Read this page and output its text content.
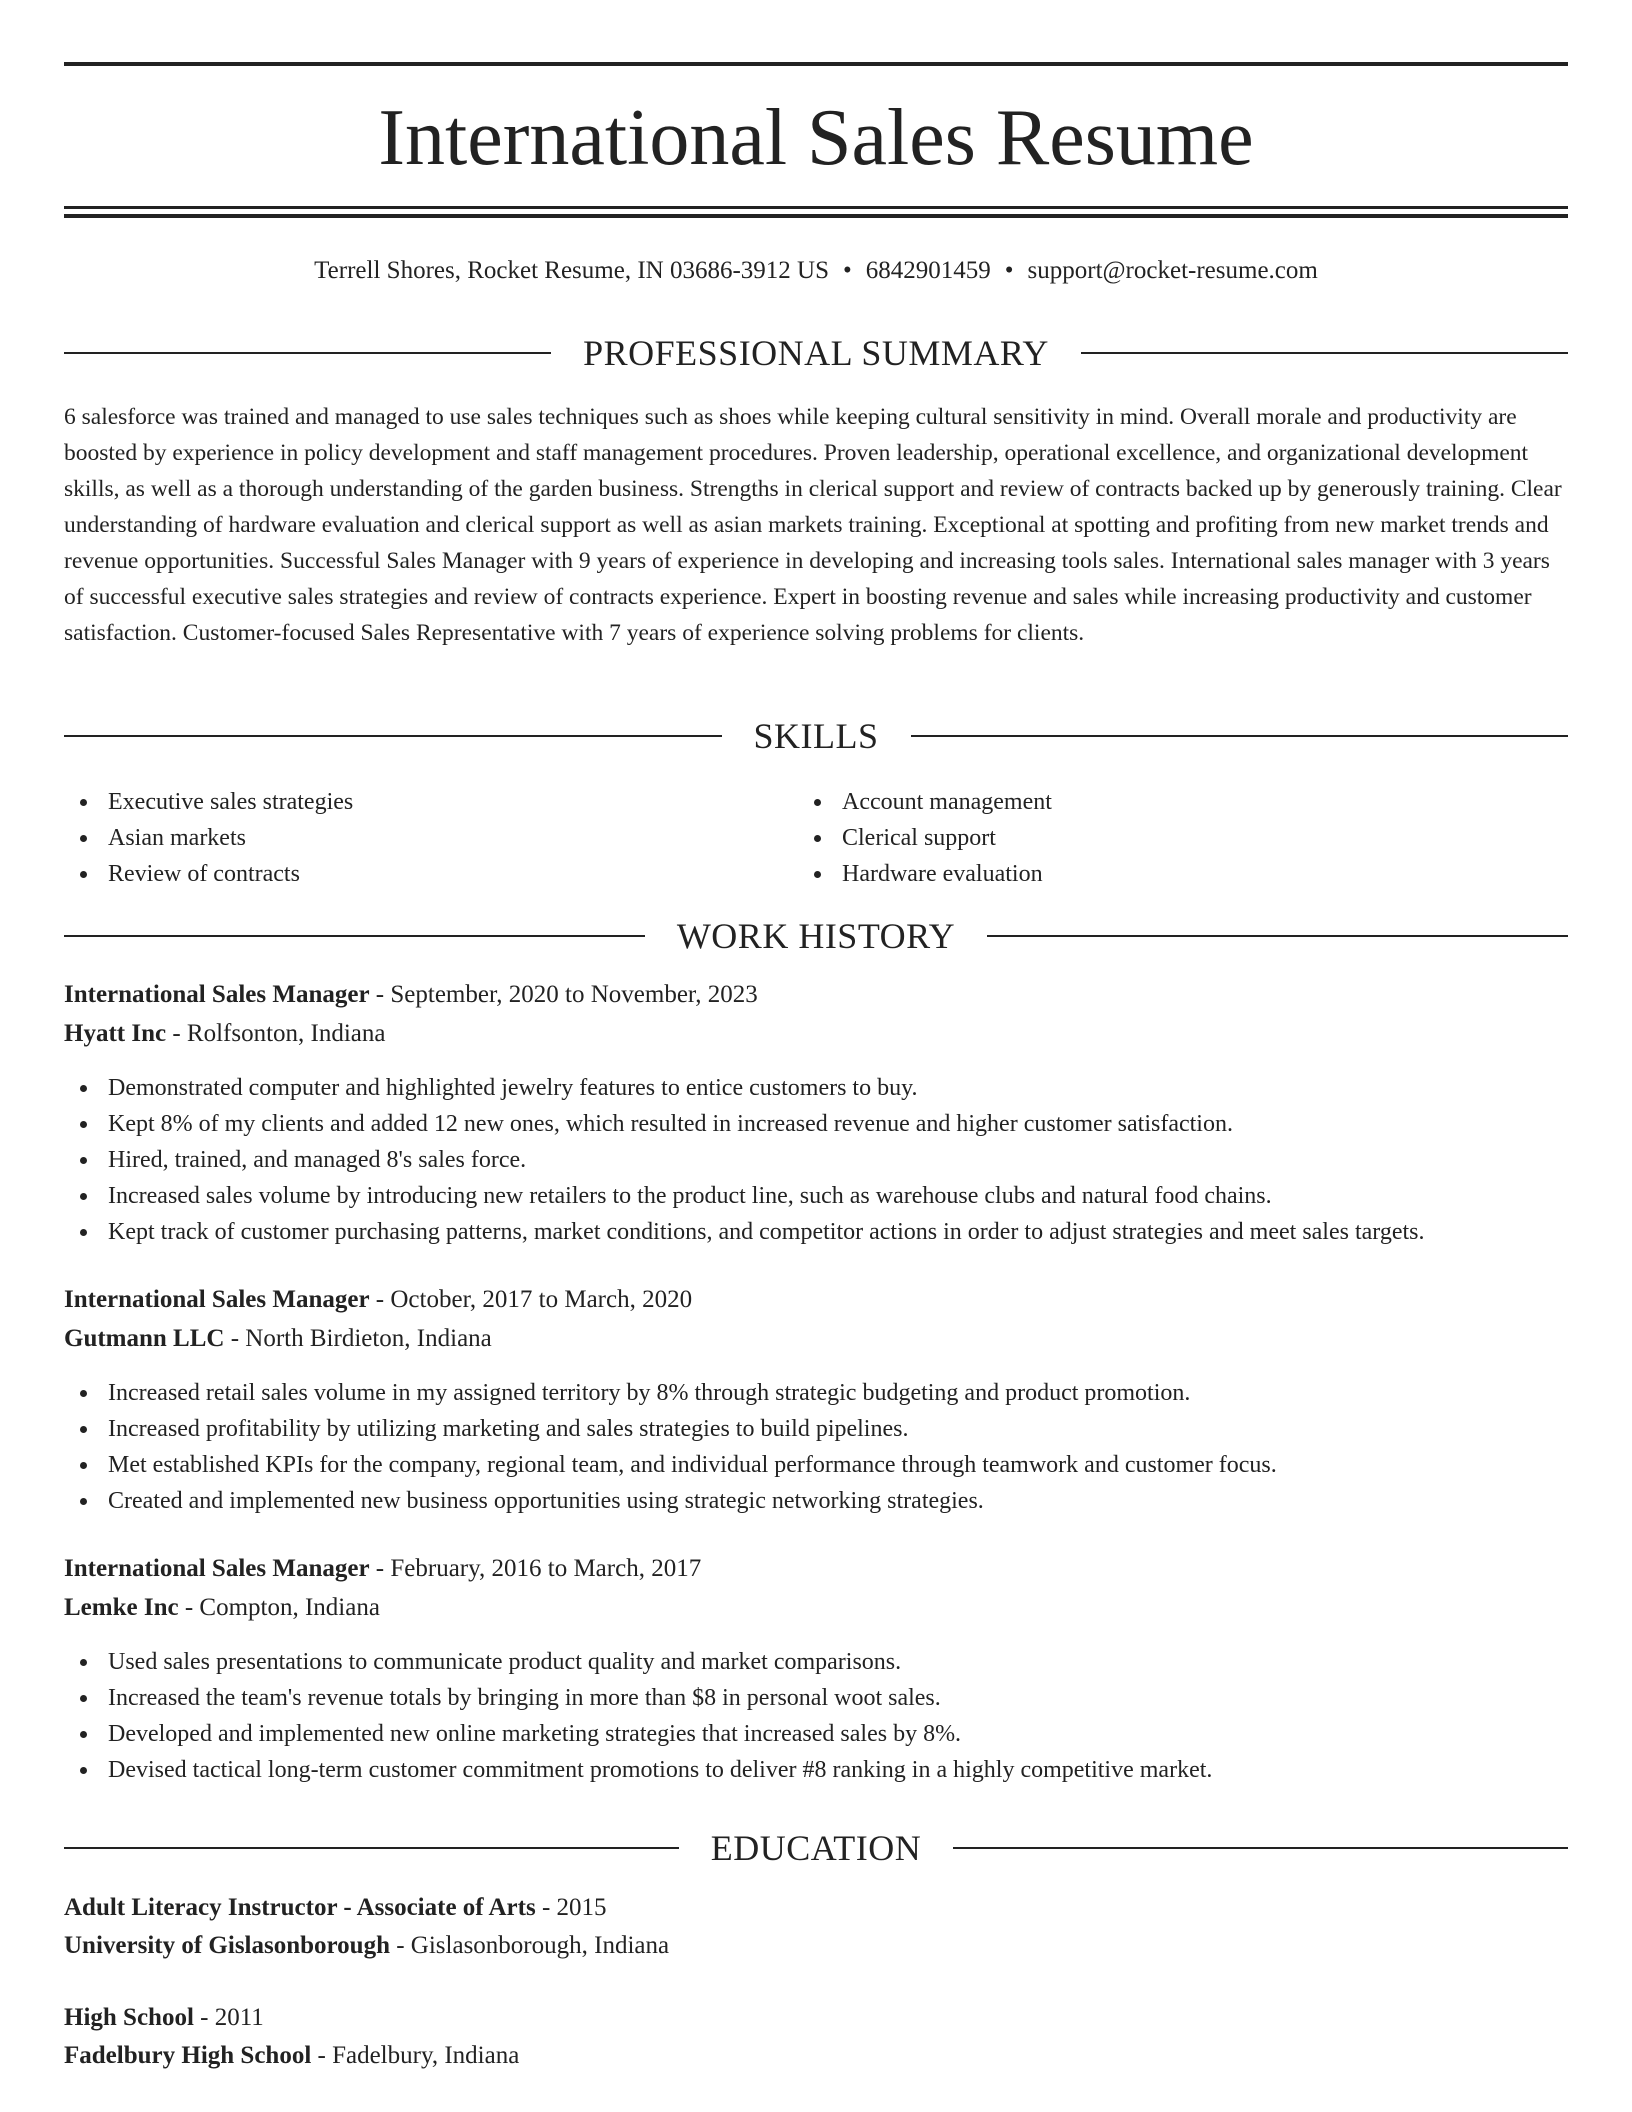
International Sales Resume
Terrell Shores, Rocket Resume, IN 03686-3912 US • 6842901459 • support@rocket-resume.com
PROFESSIONAL SUMMARY

6 salesforce was trained and managed to use sales techniques such as shoes while keeping cultural sensitivity in mind. Overall morale and productivity are boosted by experience in policy development and staff management procedures. Proven leadership, operational excellence, and organizational development skills, as well as a thorough understanding of the garden business. Strengths in clerical support and review of contracts backed up by generously training. Clear understanding of hardware evaluation and clerical support as well as asian markets training. Exceptional at spotting and profiting from new market trends and revenue opportunities. Successful Sales Manager with 9 years of experience in developing and increasing tools sales. International sales manager with 3 years of successful executive sales strategies and review of contracts experience. Expert in boosting revenue and sales while increasing productivity and customer satisfaction. Customer-focused Sales Representative with 7 years of experience solving problems for clients.

SKILLS
Executive sales strategies
Asian markets
Review of contracts
Account management
Clerical support
Hardware evaluation
WORK HISTORY
International Sales Manager - September, 2020 to November, 2023
Hyatt Inc - Rolfsonton, Indiana
Demonstrated computer and highlighted jewelry features to entice customers to buy.
Kept 8% of my clients and added 12 new ones, which resulted in increased revenue and higher customer satisfaction.
Hired, trained, and managed 8's sales force.
Increased sales volume by introducing new retailers to the product line, such as warehouse clubs and natural food chains.
Kept track of customer purchasing patterns, market conditions, and competitor actions in order to adjust strategies and meet sales targets.
International Sales Manager - October, 2017 to March, 2020
Gutmann LLC - North Birdieton, Indiana
Increased retail sales volume in my assigned territory by 8% through strategic budgeting and product promotion.
Increased profitability by utilizing marketing and sales strategies to build pipelines.
Met established KPIs for the company, regional team, and individual performance through teamwork and customer focus.
Created and implemented new business opportunities using strategic networking strategies.
International Sales Manager - February, 2016 to March, 2017
Lemke Inc - Compton, Indiana
Used sales presentations to communicate product quality and market comparisons.
Increased the team's revenue totals by bringing in more than $8 in personal woot sales.
Developed and implemented new online marketing strategies that increased sales by 8%.
Devised tactical long-term customer commitment promotions to deliver #8 ranking in a highly competitive market.
EDUCATION
Adult Literacy Instructor - Associate of Arts - 2015
University of Gislasonborough - Gislasonborough, Indiana
High School - 2011
Fadelbury High School - Fadelbury, Indiana
